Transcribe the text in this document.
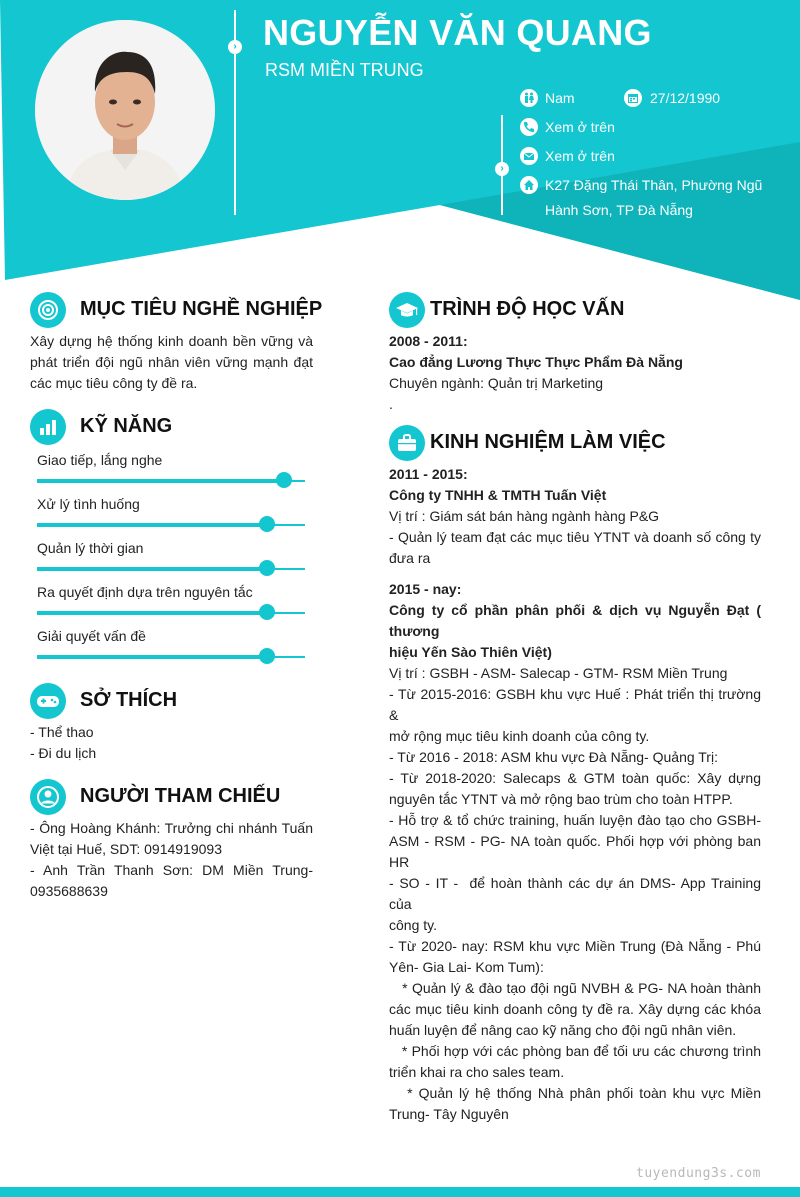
› NGUYỄN VĂN QUANG
RSM MIỀN TRUNG
›
Nam	27/12/1990
Xem ở trên
Xem ở trên
K27 Đặng Thái Thân, Phường Ngũ
Hành Sơn, TP Đà Nẵng
MỤC TIÊU NGHỀ NGHIỆP

Xây dựng hệ thống kinh doanh bền vững và

phát triển đội ngũ nhân viên vững mạnh đạt

các mục tiêu công ty đề ra.

KỸ NĂNG
Giao tiếp, lắng nghe
Xử lý tình huống
Quản lý thời gian
Ra quyết định dựa trên nguyên tắc
Giải quyết vấn đề
SỞ THÍCH
- Thể thao
- Đi du lịch
NGƯỜI THAM CHIẾU

- Ông Hoàng Khánh: Trưởng chi nhánh Tuấn

Việt tại Huế, SDT: 0914919093

- Anh Trần Thanh Sơn: DM Miền Trung-

0935688639

TRÌNH ĐỘ HỌC VẤN

2008 - 2011:

Cao đẳng Lương Thực Thực Phẩm Đà Nẵng

Chuyên ngành: Quản trị Marketing

.

KINH NGHIỆM LÀM VIỆC

2011 - 2015:

Công ty TNHH & TMTH Tuấn Việt

Vị trí : Giám sát bán hàng ngành hàng P&G

- Quản lý team đạt các mục tiêu YTNT và doanh số công ty

đưa ra

2015 - nay:

Công ty cổ phần phân phối & dịch vụ Nguyễn Đạt ( thương

hiệu Yến Sào Thiên Việt)

Vị trí : GSBH - ASM- Salecap - GTM- RSM Miền Trung

- Từ 2015-2016: GSBH khu vực Huế : Phát triển thị trường &

mở rộng mục tiêu kinh doanh của công ty.

- Từ 2016 - 2018: ASM khu vực Đà Nẵng- Quảng Trị:

- Từ 2018-2020: Salecaps & GTM toàn quốc: Xây dựng

nguyên tắc YTNT và mở rộng bao trùm cho toàn HTPP.

- Hỗ trợ & tổ chức training, huấn luyện đào tạo cho GSBH-

ASM - RSM - PG- NA toàn quốc. Phối hợp với phòng ban HR

- SO - IT -  để hoàn thành các dự án DMS- App Training của

công ty.

- Từ 2020- nay: RSM khu vực Miền Trung (Đà Nẵng - Phú

Yên- Gia Lai- Kom Tum):

* Quản lý & đào tạo đội ngũ NVBH & PG- NA hoàn thành

các mục tiêu kinh doanh công ty đề ra. Xây dựng các khóa

huấn luyện để nâng cao kỹ năng cho đội ngũ nhân viên.

* Phối hợp với các phòng ban để tối ưu các chương trình

triển khai ra cho sales team.

* Quản lý hệ thống Nhà phân phối toàn khu vực Miền

Trung- Tây Nguyên

tuyendung3s.com
